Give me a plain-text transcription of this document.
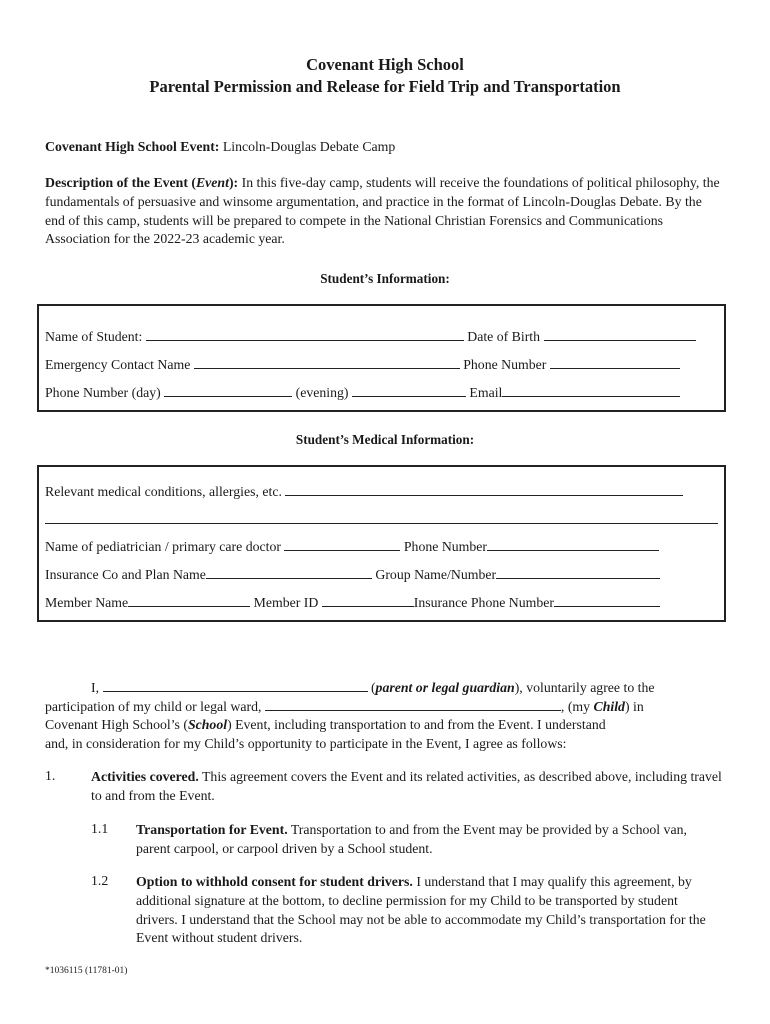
Covenant High School
Parental Permission and Release for Field Trip and Transportation
Covenant High School Event: Lincoln-Douglas Debate Camp
Description of the Event (Event): In this five-day camp, students will receive the foundations of political philosophy, the fundamentals of persuasive and winsome argumentation, and practice in the format of Lincoln-Douglas Debate. By the end of this camp, students will be prepared to compete in the National Christian Forensics and Communications Association for the 2022-23 academic year.
Student’s Information:
Name of Student:	Date of Birth
Emergency Contact Name	Phone Number
Phone Number (day)	(evening)	Email
Student’s Medical Information:
Relevant medical conditions, allergies, etc.
Name of pediatrician / primary care doctor	Phone Number
Insurance Co and Plan Name	Group Name/Number
Member Name	Member ID	Insurance Phone Number
I,	(parent or legal guardian), voluntarily agree to the
participation of my child or legal ward,	, (my Child) in
Covenant High School’s (School) Event, including transportation to and from the Event. I understand
and, in consideration for my Child’s opportunity to participate in the Event, I agree as follows:
1.	Activities covered. This agreement covers the Event and its related activities, as described above, including travel to and from the Event.
1.1 Transportation for Event. Transportation to and from the Event may be provided by a School van, parent carpool, or carpool driven by a School student.
1.2 Option to withhold consent for student drivers. I understand that I may qualify this agreement, by additional signature at the bottom, to decline permission for my Child to be transported by student drivers. I understand that the School may not be able to accommodate my Child’s transportation for the Event without student drivers.
*1036115 (11781-01)
